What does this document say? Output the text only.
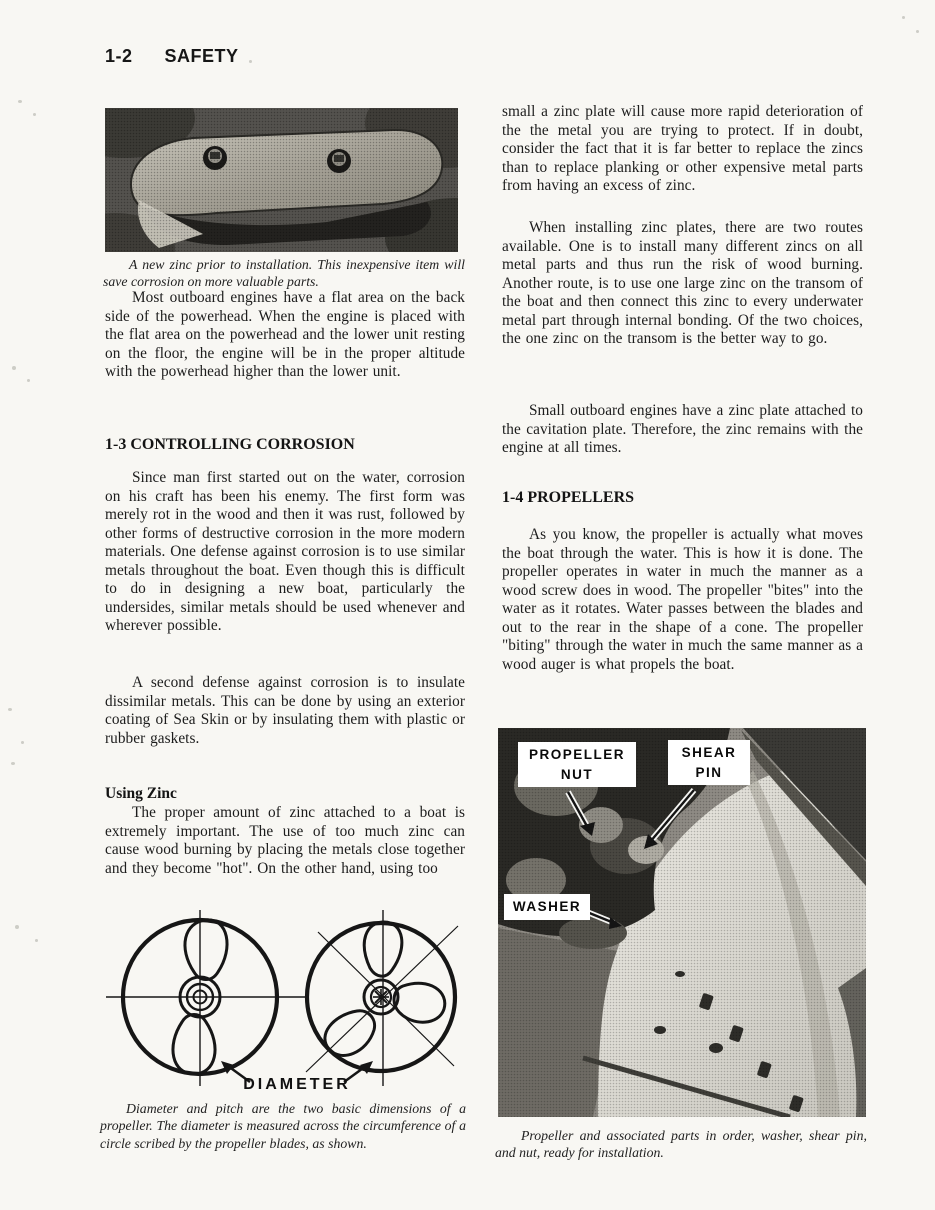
1-2 SAFETY

A new zinc prior to installation. This inexpensive item will save corrosion on more valuable parts.

Most outboard engines have a flat area on the back side of the powerhead. When the engine is placed with the flat area on the powerhead and the lower unit resting on the floor, the engine will be in the proper altitude with the powerhead higher than the lower unit.

1-3 CONTROLLING CORROSION

Since man first started out on the water, corrosion on his craft has been his enemy. The first form was merely rot in the wood and then it was rust, followed by other forms of destructive corrosion in the more modern materials. One defense against corrosion is to use similar metals throughout the boat. Even though this is difficult to do in designing a new boat, particularly the undersides, similar metals should be used whenever and wherever possible.

A second defense against corrosion is to insulate dissimilar metals. This can be done by using an exterior coating of Sea Skin or by insulating them with plastic or rubber gaskets.

Using Zinc

The proper amount of zinc attached to a boat is extremely important. The use of too much zinc can cause wood burning by placing the metals close together and they become "hot". On the other hand, using too

DIAMETER

Diameter and pitch are the two basic dimensions of a propeller. The diameter is measured across the circumference of a circle scribed by the propeller blades, as shown.

small a zinc plate will cause more rapid deterioration of the the metal you are trying to protect. If in doubt, consider the fact that it is far better to replace the zincs than to replace planking or other expensive metal parts from having an excess of zinc.

When installing zinc plates, there are two routes available. One is to install many different zincs on all metal parts and thus run the risk of wood burning. Another route, is to use one large zinc on the transom of the boat and then connect this zinc to every underwater metal part through internal bonding. Of the two choices, the one zinc on the transom is the better way to go.

Small outboard engines have a zinc plate attached to the cavitation plate. Therefore, the zinc remains with the engine at all times.

1-4 PROPELLERS

As you know, the propeller is actually what moves the boat through the water. This is how it is done. The propeller operates in water in much the manner as a wood screw does in wood. The propeller "bites" into the water as it rotates. Water passes between the blades and out to the rear in the shape of a cone. The propeller "biting" through the water in much the same manner as a wood auger is what propels the boat.

PROPELLER
NUT
SHEAR
PIN
WASHER

Propeller and associated parts in order, washer, shear pin, and nut, ready for installation.
